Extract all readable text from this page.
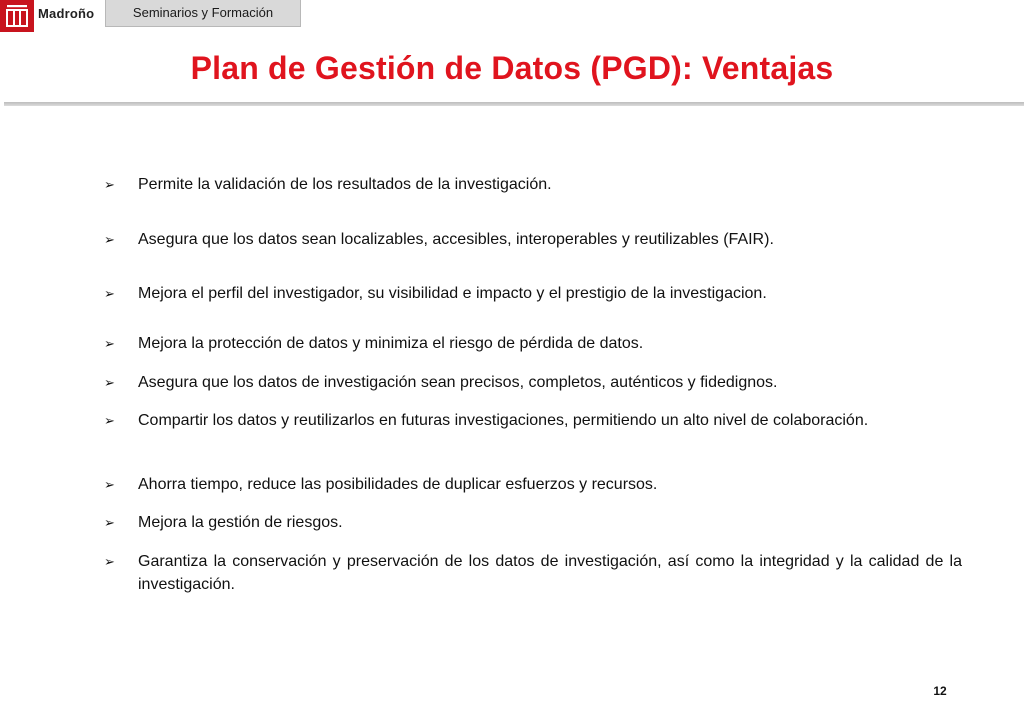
Madroño	Seminarios y Formación
Plan de Gestión de Datos (PGD): Ventajas
➢	Permite la validación de los resultados de la investigación.
➢	Asegura que los datos sean localizables, accesibles, interoperables y reutilizables (FAIR).
➢	Mejora el perfil del investigador, su visibilidad e impacto y el prestigio de la investigacion.
➢	Mejora la protección de datos y minimiza el riesgo de pérdida de datos.
➢	Asegura que los datos de investigación sean precisos, completos, auténticos y fidedignos.
➢	Compartir los datos y reutilizarlos en futuras investigaciones, permitiendo un alto nivel de colaboración.
➢	Ahorra tiempo, reduce las posibilidades de duplicar esfuerzos y recursos.
➢	Mejora la gestión de riesgos.
➢	Garantiza la conservación y preservación de los datos de investigación, así como la integridad y la calidad de la investigación.
12
